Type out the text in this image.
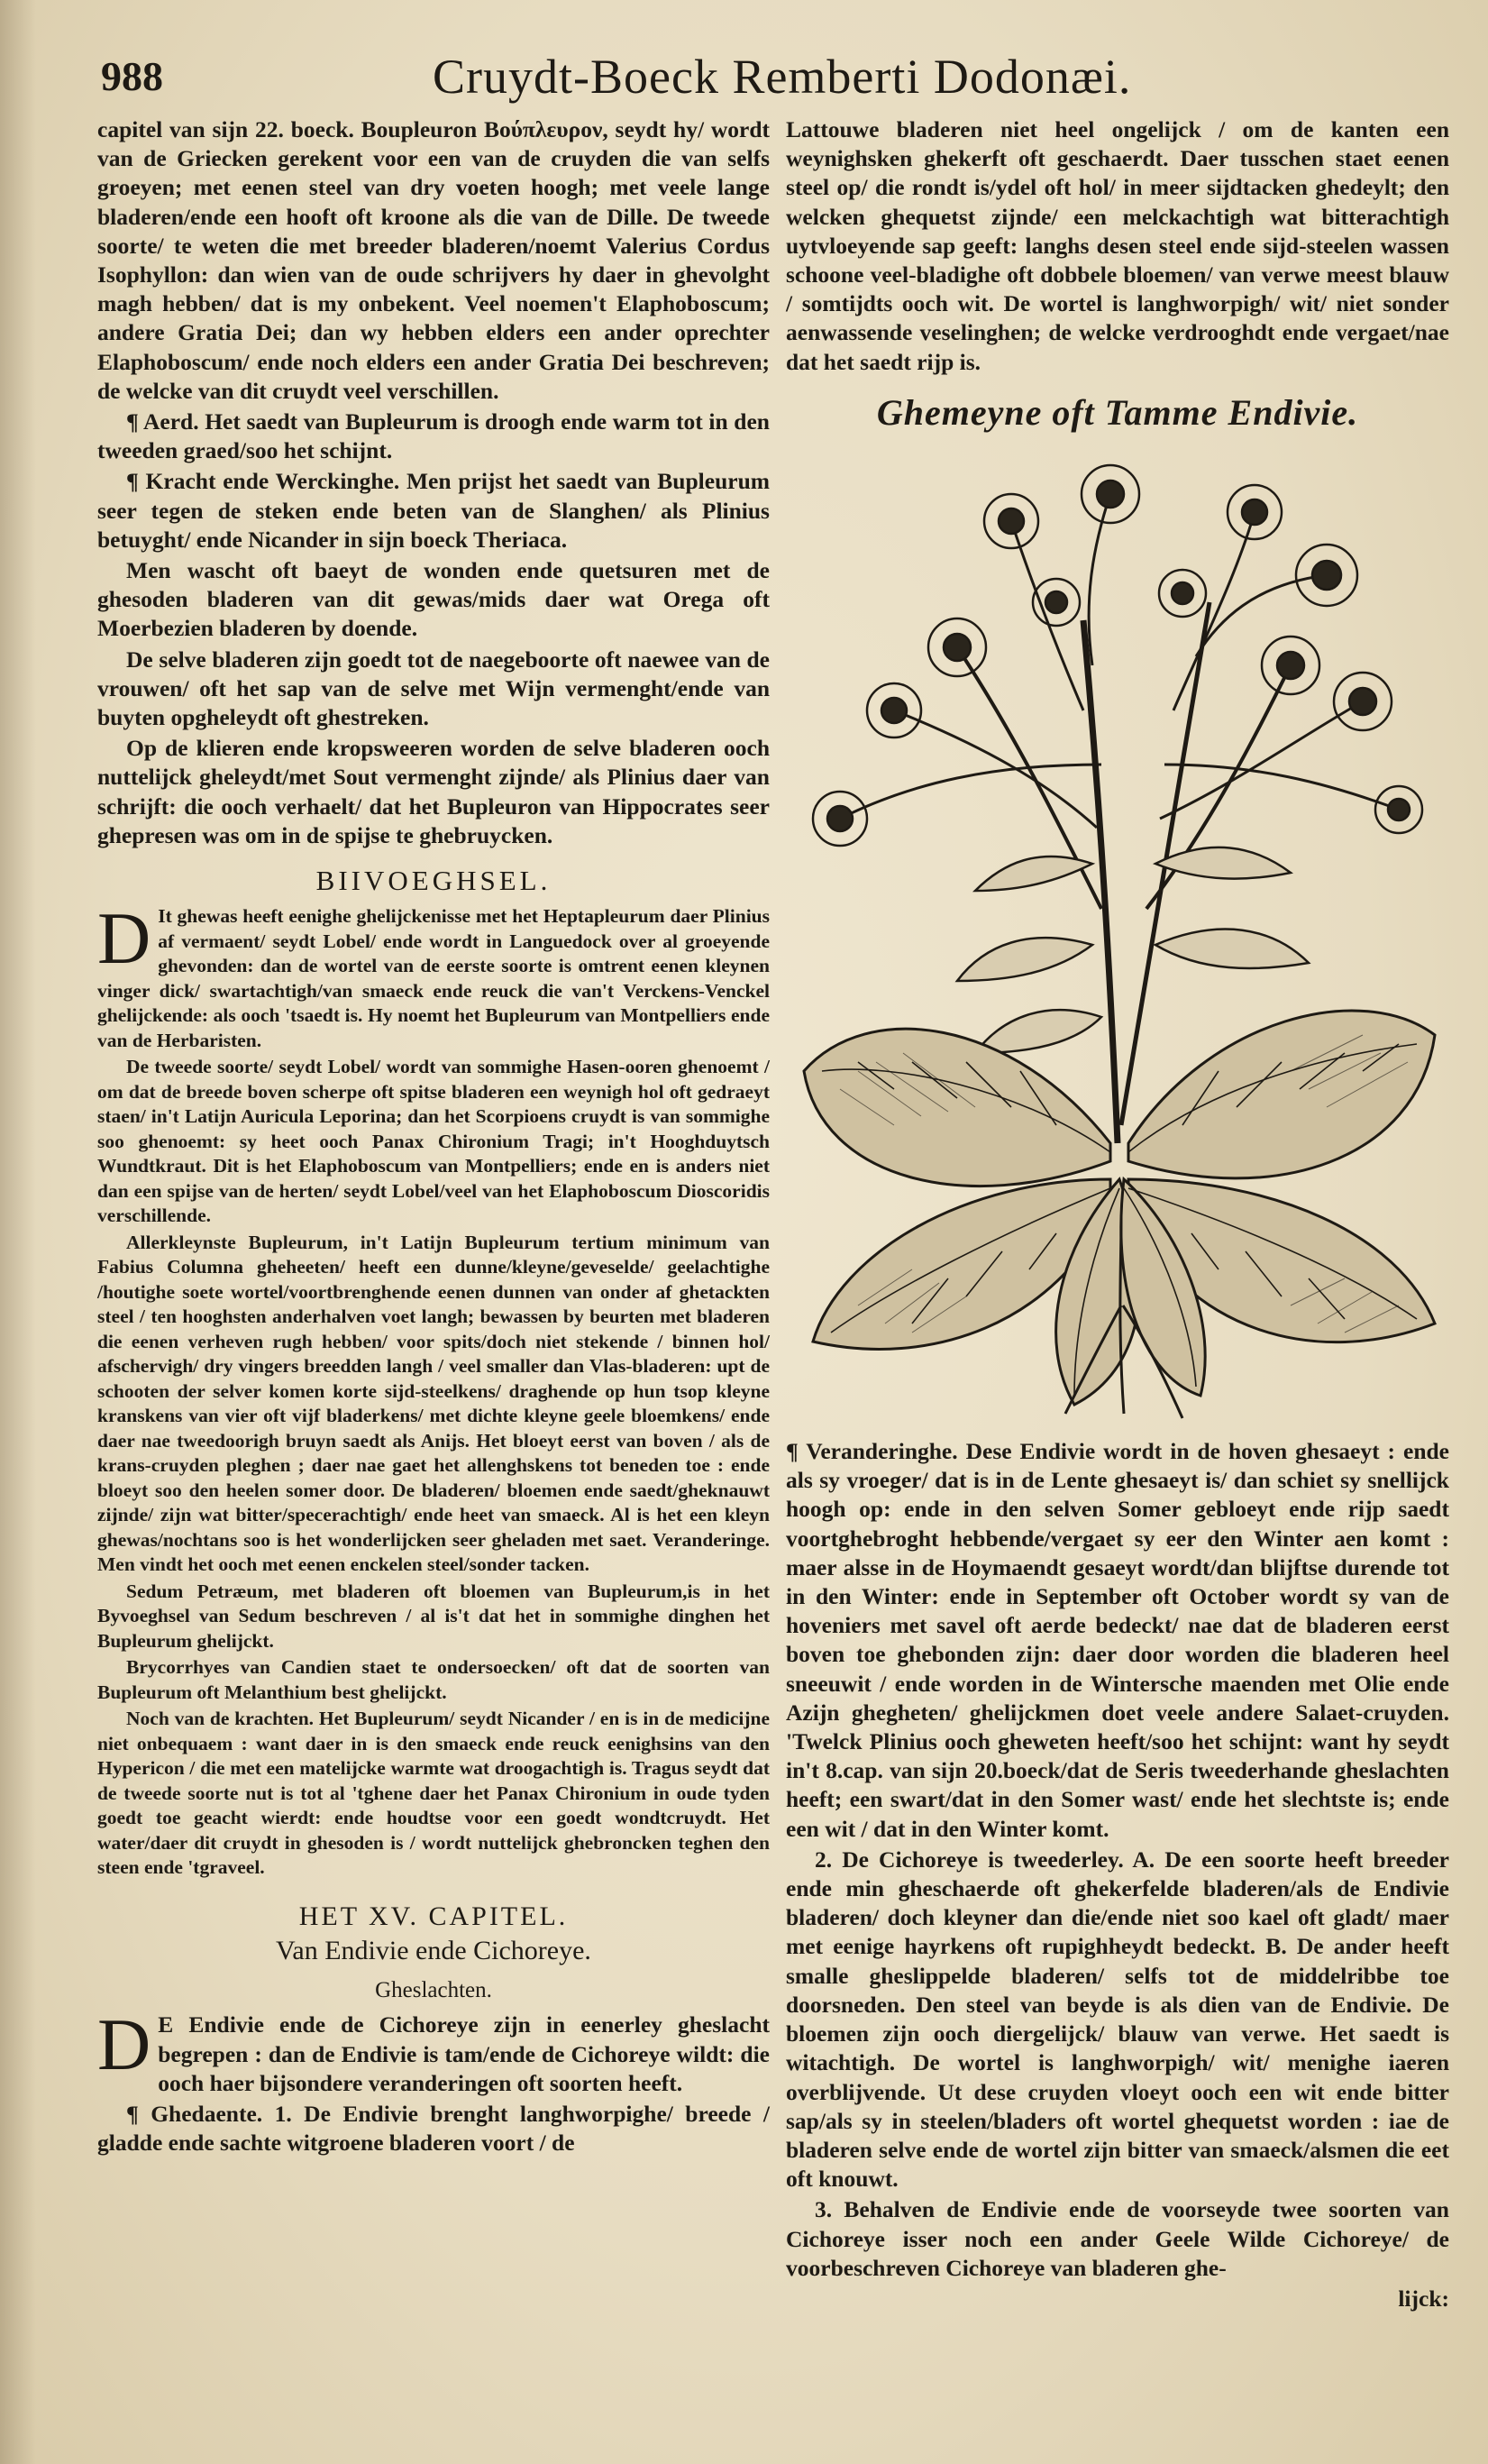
988	Cruydt-Boeck Remberti Dodonæi.

capitel van sijn 22. boeck. Boupleuron Βούπλευρον, seydt hy/ wordt van de Griecken gerekent voor een van de cruyden die van selfs groeyen; met eenen steel van dry voeten hoogh; met veele lange bladeren/ende een hooft oft kroone als die van de Dille. De tweede soorte/ te weten die met breeder bladeren/noemt Valerius Cordus Isophyllon: dan wien van de oude schrijvers hy daer in ghevolght magh hebben/ dat is my onbekent. Veel noemen't Elaphoboscum; andere Gratia Dei; dan wy hebben elders een ander oprechter Elaphoboscum/ ende noch elders een ander Gratia Dei beschreven; de welcke van dit cruydt veel verschillen.

¶ Aerd. Het saedt van Bupleurum is droogh ende warm tot in den tweeden graed/soo het schijnt.

¶ Kracht ende Werckinghe. Men prijst het saedt van Bupleurum seer tegen de steken ende beten van de Slanghen/ als Plinius betuyght/ ende Nicander in sijn boeck Theriaca.

Men wascht oft baeyt de wonden ende quetsuren met de ghesoden bladeren van dit gewas/mids daer wat Orega oft Moerbezien bladeren by doende.

De selve bladeren zijn goedt tot de naegeboorte oft naewee van de vrouwen/ oft het sap van de selve met Wijn vermenght/ende van buyten opgheleydt oft ghestreken.

Op de klieren ende kropsweeren worden de selve bladeren ooch nuttelijck gheleydt/met Sout vermenght zijnde/ als Plinius daer van schrijft: die ooch verhaelt/ dat het Bupleuron van Hippocrates seer ghepresen was om in de spijse te ghebruycken.

BIIVOEGHSEL.

D It ghewas heeft eenighe ghelijckenisse met het Heptapleurum daer Plinius af vermaent/ seydt Lobel/ ende wordt in Languedock over al groeyende ghevonden: dan de wortel van de eerste soorte is omtrent eenen kleynen vinger dick/ swartachtigh/van smaeck ende reuck die van't Verckens-Venckel ghelijckende: als ooch 'tsaedt is. Hy noemt het Bupleurum van Montpelliers ende van de Herbaristen.

De tweede soorte/ seydt Lobel/ wordt van sommighe Hasen-ooren ghenoemt / om dat de breede boven scherpe oft spitse bladeren een weynigh hol oft gedraeyt staen/ in't Latijn Auricula Leporina; dan het Scorpioens cruydt is van sommighe soo ghenoemt: sy heet ooch Panax Chironium Tragi; in't Hooghduytsch Wundtkraut. Dit is het Elaphoboscum van Montpelliers; ende en is anders niet dan een spijse van de herten/ seydt Lobel/veel van het Elaphoboscum Dioscoridis verschillende.

Allerkleynste Bupleurum, in't Latijn Bupleurum tertium minimum van Fabius Columna gheheeten/ heeft een dunne/kleyne/geveselde/ geelachtighe /houtighe soete wortel/voortbrenghende eenen dunnen van onder af ghetackten steel / ten hooghsten anderhalven voet langh; bewassen by beurten met bladeren die eenen verheven rugh hebben/ voor spits/doch niet stekende / binnen hol/ afschervigh/ dry vingers breedden langh / veel smaller dan Vlas-bladeren: upt de schooten der selver komen korte sijd-steelkens/ draghende op hun tsop kleyne kranskens van vier oft vijf bladerkens/ met dichte kleyne geele bloemkens/ ende daer nae tweedoorigh bruyn saedt als Anijs. Het bloeyt eerst van boven / als de krans-cruyden pleghen ; daer nae gaet het allenghskens tot beneden toe : ende bloeyt soo den heelen somer door. De bladeren/ bloemen ende saedt/gheknauwt zijnde/ zijn wat bitter/specerachtigh/ ende heet van smaeck. Al is het een kleyn ghewas/nochtans soo is het wonderlijcken seer gheladen met saet. Veranderinge. Men vindt het ooch met eenen enckelen steel/sonder tacken.

Sedum Petræum, met bladeren oft bloemen van Bupleurum,is in het Byvoeghsel van Sedum beschreven / al is't dat het in sommighe dinghen het Bupleurum ghelijckt.

Brycorrhyes van Candien staet te ondersoecken/ oft dat de soorten van Bupleurum oft Melanthium best ghelijckt.

Noch van de krachten. Het Bupleurum/ seydt Nicander / en is in de medicijne niet onbequaem : want daer in is den smaeck ende reuck eenighsins van den Hypericon / die met een matelijcke warmte wat droogachtigh is. Tragus seydt dat de tweede soorte nut is tot al 'tghene daer het Panax Chironium in oude tyden goedt toe geacht wierdt: ende houdtse voor een goedt wondtcruydt. Het water/daer dit cruydt in ghesoden is / wordt nuttelijck ghebroncken teghen den steen ende 'tgraveel.

HET XV. CAPITEL.
Van Endivie ende Cichoreye.
Gheslachten.

D E Endivie ende de Cichoreye zijn in eenerley gheslacht begrepen : dan de Endivie is tam/ende de Cichoreye wildt: die ooch haer bijsondere veranderingen oft soorten heeft.

¶ Ghedaente. 1. De Endivie brenght langhworpighe/ breede / gladde ende sachte witgroene bladeren voort / de

Lattouwe bladeren niet heel ongelijck / om de kanten een weynighsken ghekerft oft geschaerdt. Daer tusschen staet eenen steel op/ die rondt is/ydel oft hol/ in meer sijdtacken ghedeylt; den welcken ghequetst zijnde/ een melckachtigh wat bitterachtigh uytvloeyende sap geeft: langhs desen steel ende sijd-steelen wassen schoone veel-bladighe oft dobbele bloemen/ van verwe meest blauw / somtijdts ooch wit. De wortel is langhworpigh/ wit/ niet sonder aenwassende veselinghen; de welcke verdrooghdt ende vergaet/nae dat het saedt rijp is.

Ghemeyne oft Tamme Endivie.

¶ Veranderinghe. Dese Endivie wordt in de hoven ghesaeyt : ende als sy vroeger/ dat is in de Lente ghesaeyt is/ dan schiet sy snellijck hoogh op: ende in den selven Somer gebloeyt ende rijp saedt voortghebroght hebbende/vergaet sy eer den Winter aen komt : maer alsse in de Hoymaendt gesaeyt wordt/dan blijftse durende tot in den Winter: ende in September oft October wordt sy van de hoveniers met savel oft aerde bedeckt/ nae dat de bladeren eerst boven toe ghebonden zijn: daer door worden die bladeren heel sneeuwit / ende worden in de Wintersche maenden met Olie ende Azijn ghegheten/ ghelijckmen doet veele andere Salaet-cruyden. 'Twelck Plinius ooch gheweten heeft/soo het schijnt: want hy seydt in't 8.cap. van sijn 20.boeck/dat de Seris tweederhande gheslachten heeft; een swart/dat in den Somer wast/ ende het slechtste is; ende een wit / dat in den Winter komt.

2. De Cichoreye is tweederley. A. De een soorte heeft breeder ende min gheschaerde oft ghekerfelde bladeren/als de Endivie bladeren/ doch kleyner dan die/ende niet soo kael oft gladt/ maer met eenige hayrkens oft rupighheydt bedeckt. B. De ander heeft smalle gheslippelde bladeren/ selfs tot de middelribbe toe doorsneden. Den steel van beyde is als dien van de Endivie. De bloemen zijn ooch diergelijck/ blauw van verwe. Het saedt is witachtigh. De wortel is langhworpigh/ wit/ menighe iaeren overblijvende. Ut dese cruyden vloeyt ooch een wit ende bitter sap/als sy in steelen/bladers oft wortel ghequetst worden : iae de bladeren selve ende de wortel zijn bitter van smaeck/alsmen die eet oft knouwt.

3. Behalven de Endivie ende de voorseyde twee soorten van Cichoreye isser noch een ander Geele Wilde Cichoreye/ de voorbeschreven Cichoreye van bladeren ghe-

lijck:
